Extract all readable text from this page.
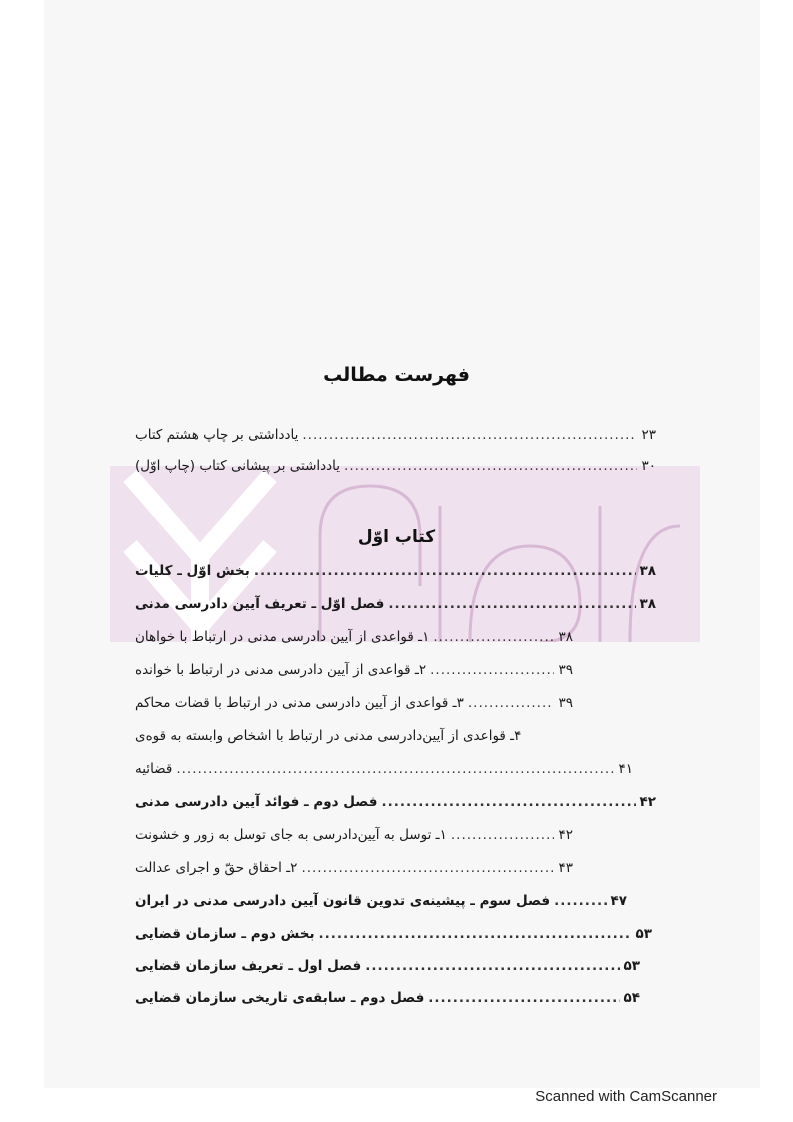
فهرست مطالب
یادداشتی بر چاپ هشتم کتاب .....	۲۳
یادداشتی بر پیشانی کتاب (چاپ اوّل) .....	۳۰
کتاب اوّل
بخش اوّل ـ کلیات .....	۳۸
فصل اوّل ـ تعریف آیین دادرسی مدنی .....	۳۸
۱ـ قواعدی از آیین دادرسی مدنی در ارتباط با خواهان .....	۳۸
۲ـ قواعدی از آیین دادرسی مدنی در ارتباط با خوانده .....	۳۹
۳ـ قواعدی از آیین دادرسی مدنی در ارتباط با قضات محاکم .....	۳۹
۴ـ قواعدی از آیین‌دادرسی مدنی در ارتباط با اشخاص وابسته به قوه‌ی
قضائیه .....	۴۱
فصل دوم ـ فوائد آیین دادرسی مدنی .....	۴۲
۱ـ توسل به آیین‌دادرسی به جای توسل به زور و خشونت .....	۴۲
۲ـ احقاق حقّ و اجرای عدالت .....	۴۳
فصل سوم ـ پیشینه‌ی تدوین قانون آیین دادرسی مدنی در ایران .....	۴۷
بخش دوم ـ سازمان قضایی .....	۵۳
فصل اول ـ تعریف سازمان قضایی .....	۵۳
فصل دوم ـ سابقه‌ی تاریخی سازمان قضایی .....	۵۴
Scanned with CamScanner
